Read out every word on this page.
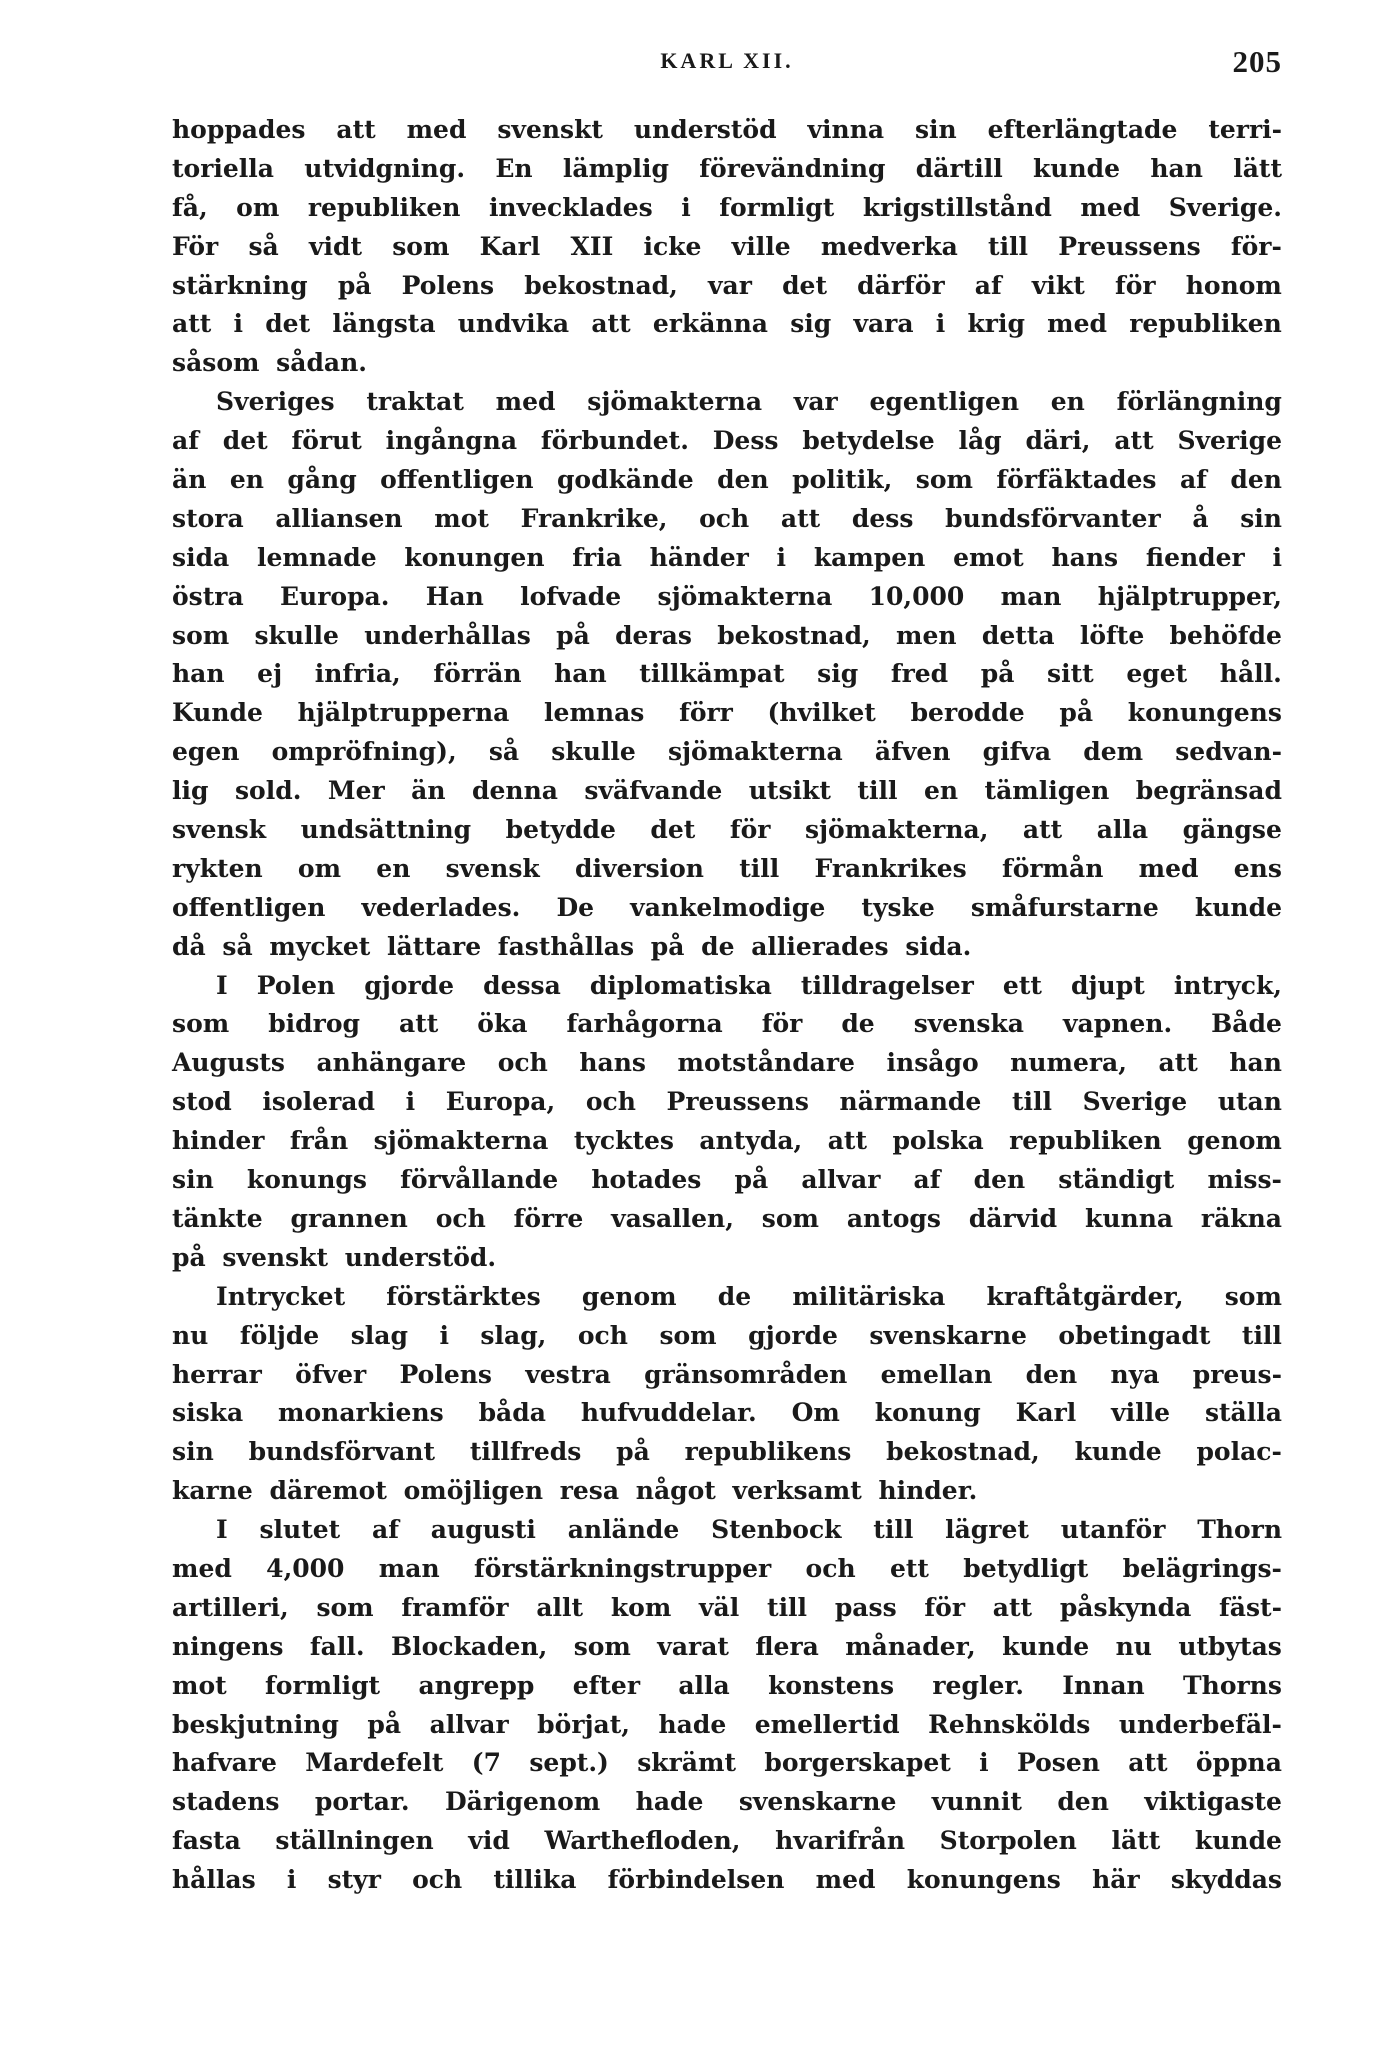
KARL XII.	205
hoppades att med svenskt understöd vinna sin efterlängtade terri-
toriella utvidgning. En lämplig förevändning därtill kunde han lätt
få, om republiken invecklades i formligt krigstillstånd med Sverige.
För så vidt som Karl XII icke ville medverka till Preussens för-
stärkning på Polens bekostnad, var det därför af vikt för honom
att i det längsta undvika att erkänna sig vara i krig med republiken
såsom sådan.
Sveriges traktat med sjömakterna var egentligen en förlängning
af det förut ingångna förbundet. Dess betydelse låg däri, att Sverige
än en gång offentligen godkände den politik, som förfäktades af den
stora alliansen mot Frankrike, och att dess bundsförvanter å sin
sida lemnade konungen fria händer i kampen emot hans fiender i
östra Europa. Han lofvade sjömakterna 10,000 man hjälptrupper,
som skulle underhållas på deras bekostnad, men detta löfte behöfde
han ej infria, förrän han tillkämpat sig fred på sitt eget håll.
Kunde hjälptrupperna lemnas förr (hvilket berodde på konungens
egen ompröfning), så skulle sjömakterna äfven gifva dem sedvan-
lig sold. Mer än denna sväfvande utsikt till en tämligen begränsad
svensk undsättning betydde det för sjömakterna, att alla gängse
rykten om en svensk diversion till Frankrikes förmån med ens
offentligen vederlades. De vankelmodige tyske småfurstarne kunde
då så mycket lättare fasthållas på de allierades sida.
I Polen gjorde dessa diplomatiska tilldragelser ett djupt intryck,
som bidrog att öka farhågorna för de svenska vapnen. Både
Augusts anhängare och hans motståndare insågo numera, att han
stod isolerad i Europa, och Preussens närmande till Sverige utan
hinder från sjömakterna tycktes antyda, att polska republiken genom
sin konungs förvållande hotades på allvar af den ständigt miss-
tänkte grannen och förre vasallen, som antogs därvid kunna räkna
på svenskt understöd.
Intrycket förstärktes genom de militäriska kraftåtgärder, som
nu följde slag i slag, och som gjorde svenskarne obetingadt till
herrar öfver Polens vestra gränsområden emellan den nya preus-
siska monarkiens båda hufvuddelar. Om konung Karl ville ställa
sin bundsförvant tillfreds på republikens bekostnad, kunde polac-
karne däremot omöjligen resa något verksamt hinder.
I slutet af augusti anlände Stenbock till lägret utanför Thorn
med 4,000 man förstärkningstrupper och ett betydligt belägrings-
artilleri, som framför allt kom väl till pass för att påskynda fäst-
ningens fall. Blockaden, som varat flera månader, kunde nu utbytas
mot formligt angrepp efter alla konstens regler. Innan Thorns
beskjutning på allvar börjat, hade emellertid Rehnskölds underbefäl-
hafvare Mardefelt (7 sept.) skrämt borgerskapet i Posen att öppna
stadens portar. Därigenom hade svenskarne vunnit den viktigaste
fasta ställningen vid Warthefloden, hvarifrån Storpolen lätt kunde
hållas i styr och tillika förbindelsen med konungens här skyddas
